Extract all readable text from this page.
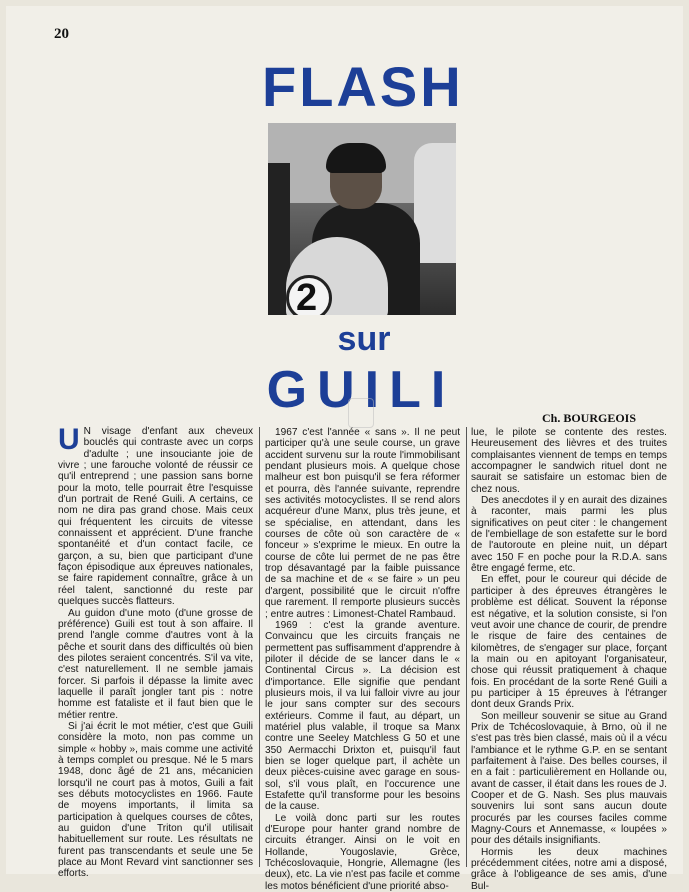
20
FLASH
2
sur
GUILI	Ch. BOURGEOIS

U N visage d'enfant aux cheveux bouclés qui contraste avec un corps d'adulte ; une insouciante joie de vivre ; une farouche volonté de réussir ce qu'il entreprend ; une passion sans borne pour la moto, telle pourrait être l'esquisse d'un portrait de René Guili. A certains, ce nom ne dira pas grand chose. Mais ceux qui fréquentent les circuits de vitesse connaissent et apprécient. D'une franche spontanéité et d'un contact facile, ce garçon, a su, bien que participant d'une façon épisodique aux épreuves nationales, se faire rapidement connaître, grâce à un réel talent, sanctionné du reste par quelques succès flatteurs.

Au guidon d'une moto (d'une grosse de préférence) Guili est tout à son affaire. Il prend l'angle comme d'autres vont à la pêche et sourit dans des difficultés où bien des pilotes seraient concentrés. S'il va vite, c'est naturellement. Il ne semble jamais forcer. Si parfois il dépasse la limite avec laquelle il paraît jongler tant pis : notre homme est fataliste et il faut bien que le métier rentre.

Si j'ai écrit le mot métier, c'est que Guili considère la moto, non pas comme un simple « hobby », mais comme une activité à temps complet ou presque. Né le 5 mars 1948, donc âgé de 21 ans, mécanicien lorsqu'il ne court pas à motos, Guili a fait ses débuts motocyclistes en 1966. Faute de moyens importants, il limita sa participation à quelques courses de côtes, au guidon d'une Triton qu'il utilisait habituellement sur route. Les résultats ne furent pas transcendants et seule une 5e place au Mont Revard vint sanctionner ses efforts.

1967 c'est l'année « sans ». Il ne peut participer qu'à une seule course, un grave accident survenu sur la route l'immobilisant pendant plusieurs mois. A quelque chose malheur est bon puisqu'il se fera réformer et pourra, dès l'année suivante, reprendre ses activités motocyclistes. Il se rend alors acquéreur d'une Manx, plus très jeune, et se spécialise, en attendant, dans les courses de côte où son caractère de « fonceur » s'exprime le mieux. En outre la course de côte lui permet de ne pas être trop désavantagé par la faible puissance de sa machine et de « se faire » un peu d'argent, possibilité que le circuit n'offre que rarement. Il remporte plusieurs succès ; entre autres : Limonest-Chatel Rambaud.

1969 : c'est la grande aventure. Convaincu que les circuits français ne permettent pas suffisamment d'apprendre à piloter il décide de se lancer dans le « Continental Circus ». La décision est d'importance. Elle signifie que pendant plusieurs mois, il va lui falloir vivre au jour le jour sans compter sur des secours extérieurs. Comme il faut, au départ, un matériel plus valable, il troque sa Manx contre une Seeley Matchless G 50 et une 350 Aermacchi Drixton et, puisqu'il faut bien se loger quelque part, il achète un deux pièces-cuisine avec garage en sous-sol, s'il vous plaît, en l'occurence une Estafette qu'il transforme pour les besoins de la cause.

Le voilà donc parti sur les routes d'Europe pour hanter grand nombre de circuits étranger. Ainsi on le voit en Hollande, Yougoslavie, Grèce, Tchécoslovaquie, Hongrie, Allemagne (les deux), etc. La vie n'est pas facile et comme les motos bénéficient d'une priorité abso-

lue, le pilote se contente des restes. Heureusement des lièvres et des truites complaisantes viennent de temps en temps accompagner le sandwich rituel dont ne saurait se satisfaire un estomac bien de chez nous.

Des anecdotes il y en aurait des dizaines à raconter, mais parmi les plus significatives on peut citer : le changement de l'embiellage de son estafette sur le bord de l'autoroute en pleine nuit, un départ avec 150 F en poche pour la R.D.A. sans être engagé ferme, etc.

En effet, pour le coureur qui décide de participer à des épreuves étrangères le problème est délicat. Souvent la réponse est négative, et la solution consiste, si l'on veut avoir une chance de courir, de prendre le risque de faire des centaines de kilomètres, de s'engager sur place, forçant la main ou en apitoyant l'organisateur, chose qui réussit pratiquement à chaque fois. En procédant de la sorte René Guili a pu participer à 15 épreuves à l'étranger dont deux Grands Prix.

Son meilleur souvenir se situe au Grand Prix de Tchécoslovaquie, à Brno, où il ne s'est pas très bien classé, mais où il a vécu l'ambiance et le rythme G.P. en se sentant parfaitement à l'aise. Des belles courses, il en a fait : particulièrement en Hollande ou, avant de casser, il était dans les roues de J. Cooper et de G. Nash. Ses plus mauvais souvenirs lui sont sans aucun doute procurés par les courses faciles comme Magny-Cours et Annemasse, « loupées » pour des détails insignifiants.

Hormis les deux machines précédemment citées, notre ami a disposé, grâce à l'obligeance de ses amis, d'une Bul-
